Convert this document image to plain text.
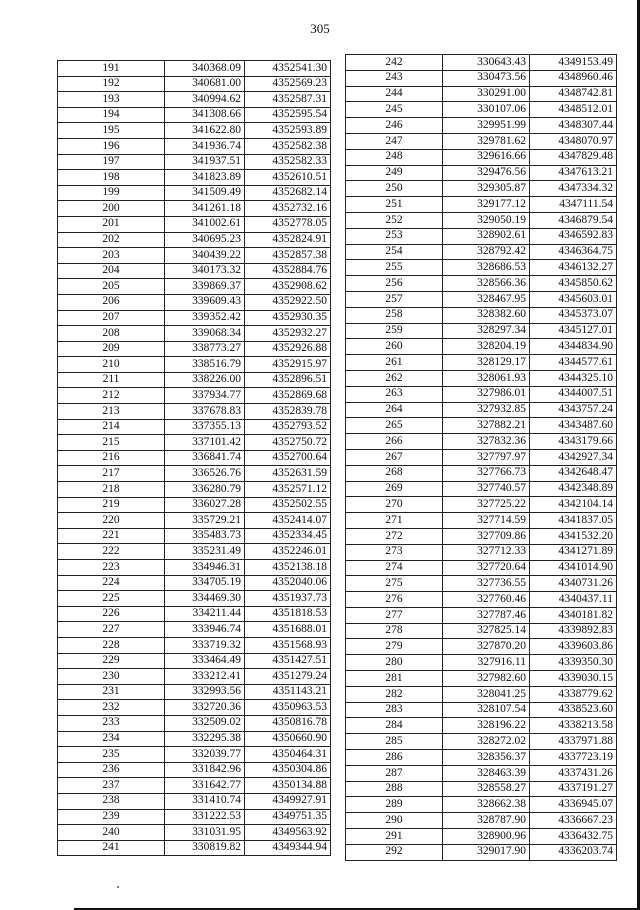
305
191	340368.09	4352541.30
192	340681.00	4352569.23
193	340994.62	4352587.31
194	341308.66	4352595.54
195	341622.80	4352593.89
196	341936.74	4352582.38
197	341937.51	4352582.33
198	341823.89	4352610.51
199	341509.49	4352682.14
200	341261.18	4352732.16
201	341002.61	4352778.05
202	340695.23	4352824.91
203	340439.22	4352857.38
204	340173.32	4352884.76
205	339869.37	4352908.62
206	339609.43	4352922.50
207	339352.42	4352930.35
208	339068.34	4352932.27
209	338773.27	4352926.88
210	338516.79	4352915.97
211	338226.00	4352896.51
212	337934.77	4352869.68
213	337678.83	4352839.78
214	337355.13	4352793.52
215	337101.42	4352750.72
216	336841.74	4352700.64
217	336526.76	4352631.59
218	336280.79	4352571.12
219	336027.28	4352502.55
220	335729.21	4352414.07
221	335483.73	4352334.45
222	335231.49	4352246.01
223	334946.31	4352138.18
224	334705.19	4352040.06
225	334469.30	4351937.73
226	334211.44	4351818.53
227	333946.74	4351688.01
228	333719.32	4351568.93
229	333464.49	4351427.51
230	333212.41	4351279.24
231	332993.56	4351143.21
232	332720.36	4350963.53
233	332509.02	4350816.78
234	332295.38	4350660.90
235	332039.77	4350464.31
236	331842.96	4350304.86
237	331642.77	4350134.88
238	331410.74	4349927.91
239	331222.53	4349751.35
240	331031.95	4349563.92
241	330819.82	4349344.94
242	330643.43	4349153.49
243	330473.56	4348960.46
244	330291.00	4348742.81
245	330107.06	4348512.01
246	329951.99	4348307.44
247	329781.62	4348070.97
248	329616.66	4347829.48
249	329476.56	4347613.21
250	329305.87	4347334.32
251	329177.12	4347111.54
252	329050.19	4346879.54
253	328902.61	4346592.83
254	328792.42	4346364.75
255	328686.53	4346132.27
256	328566.36	4345850.62
257	328467.95	4345603.01
258	328382.60	4345373.07
259	328297.34	4345127.01
260	328204.19	4344834.90
261	328129.17	4344577.61
262	328061.93	4344325.10
263	327986.01	4344007.51
264	327932.85	4343757.24
265	327882.21	4343487.60
266	327832.36	4343179.66
267	327797.97	4342927.34
268	327766.73	4342648.47
269	327740.57	4342348.89
270	327725.22	4342104.14
271	327714.59	4341837.05
272	327709.86	4341532.20
273	327712.33	4341271.89
274	327720.64	4341014.90
275	327736.55	4340731.26
276	327760.46	4340437.11
277	327787.46	4340181.82
278	327825.14	4339892.83
279	327870.20	4339603.86
280	327916.11	4339350.30
281	327982.60	4339030.15
282	328041.25	4338779.62
283	328107.54	4338523.60
284	328196.22	4338213.58
285	328272.02	4337971.88
286	328356.37	4337723.19
287	328463.39	4337431.26
288	328558.27	4337191.27
289	328662.38	4336945.07
290	328787.90	4336667.23
291	328900.96	4336432.75
292	329017.90	4336203.74
